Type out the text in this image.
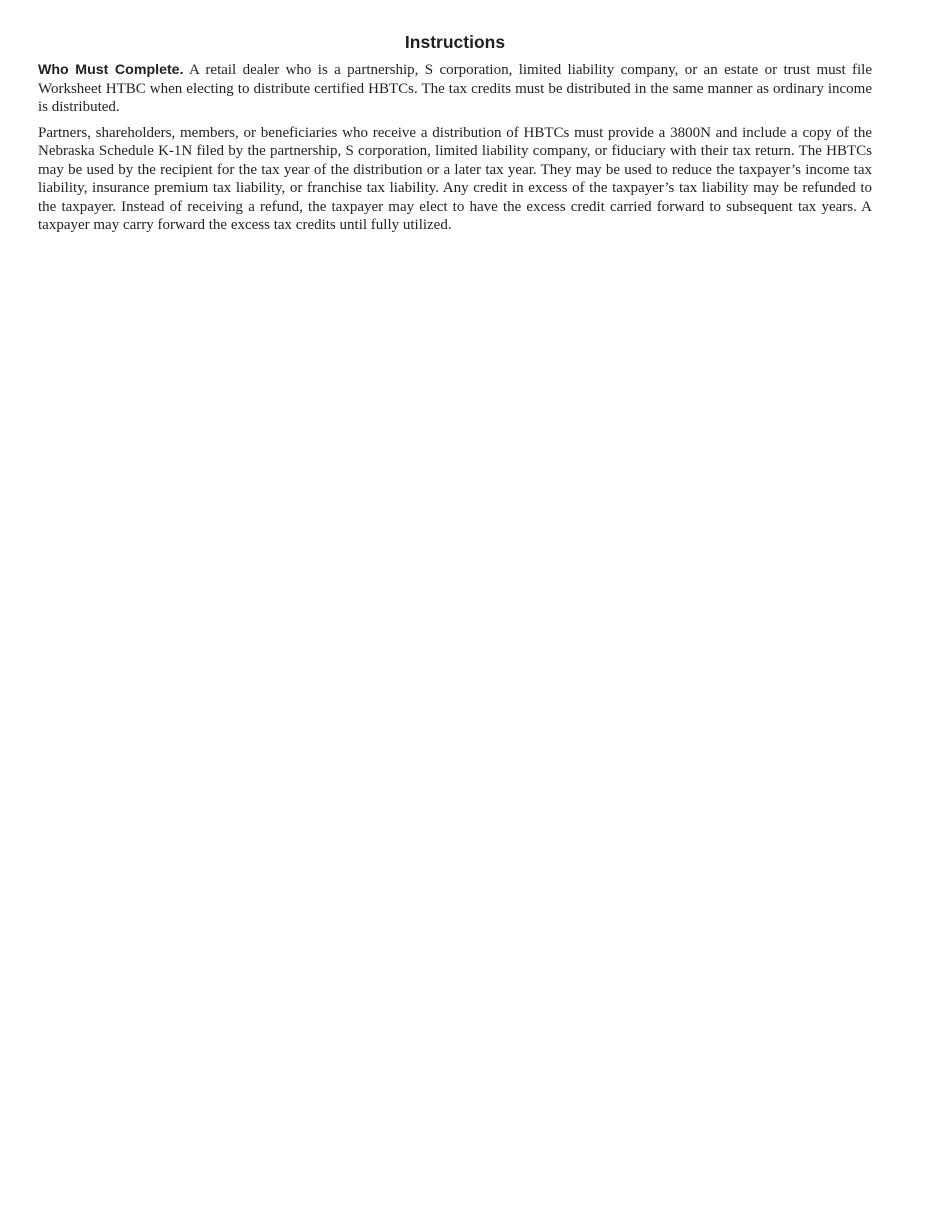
Instructions

Who Must Complete. A retail dealer who is a partnership, S corporation, limited liability company, or an estate or trust must file Worksheet HTBC when electing to distribute certified HBTCs. The tax credits must be distributed in the same manner as ordinary income is distributed.

Partners, shareholders, members, or beneficiaries who receive a distribution of HBTCs must provide a 3800N and include a copy of the Nebraska Schedule K-1N filed by the partnership, S corporation, limited liability company, or fiduciary with their tax return. The HBTCs may be used by the recipient for the tax year of the distribution or a later tax year. They may be used to reduce the taxpayer’s income tax liability, insurance premium tax liability, or franchise tax liability. Any credit in excess of the taxpayer’s tax liability may be refunded to the taxpayer. Instead of receiving a refund, the taxpayer may elect to have the excess credit carried forward to subsequent tax years. A taxpayer may carry forward the excess tax credits until fully utilized.
